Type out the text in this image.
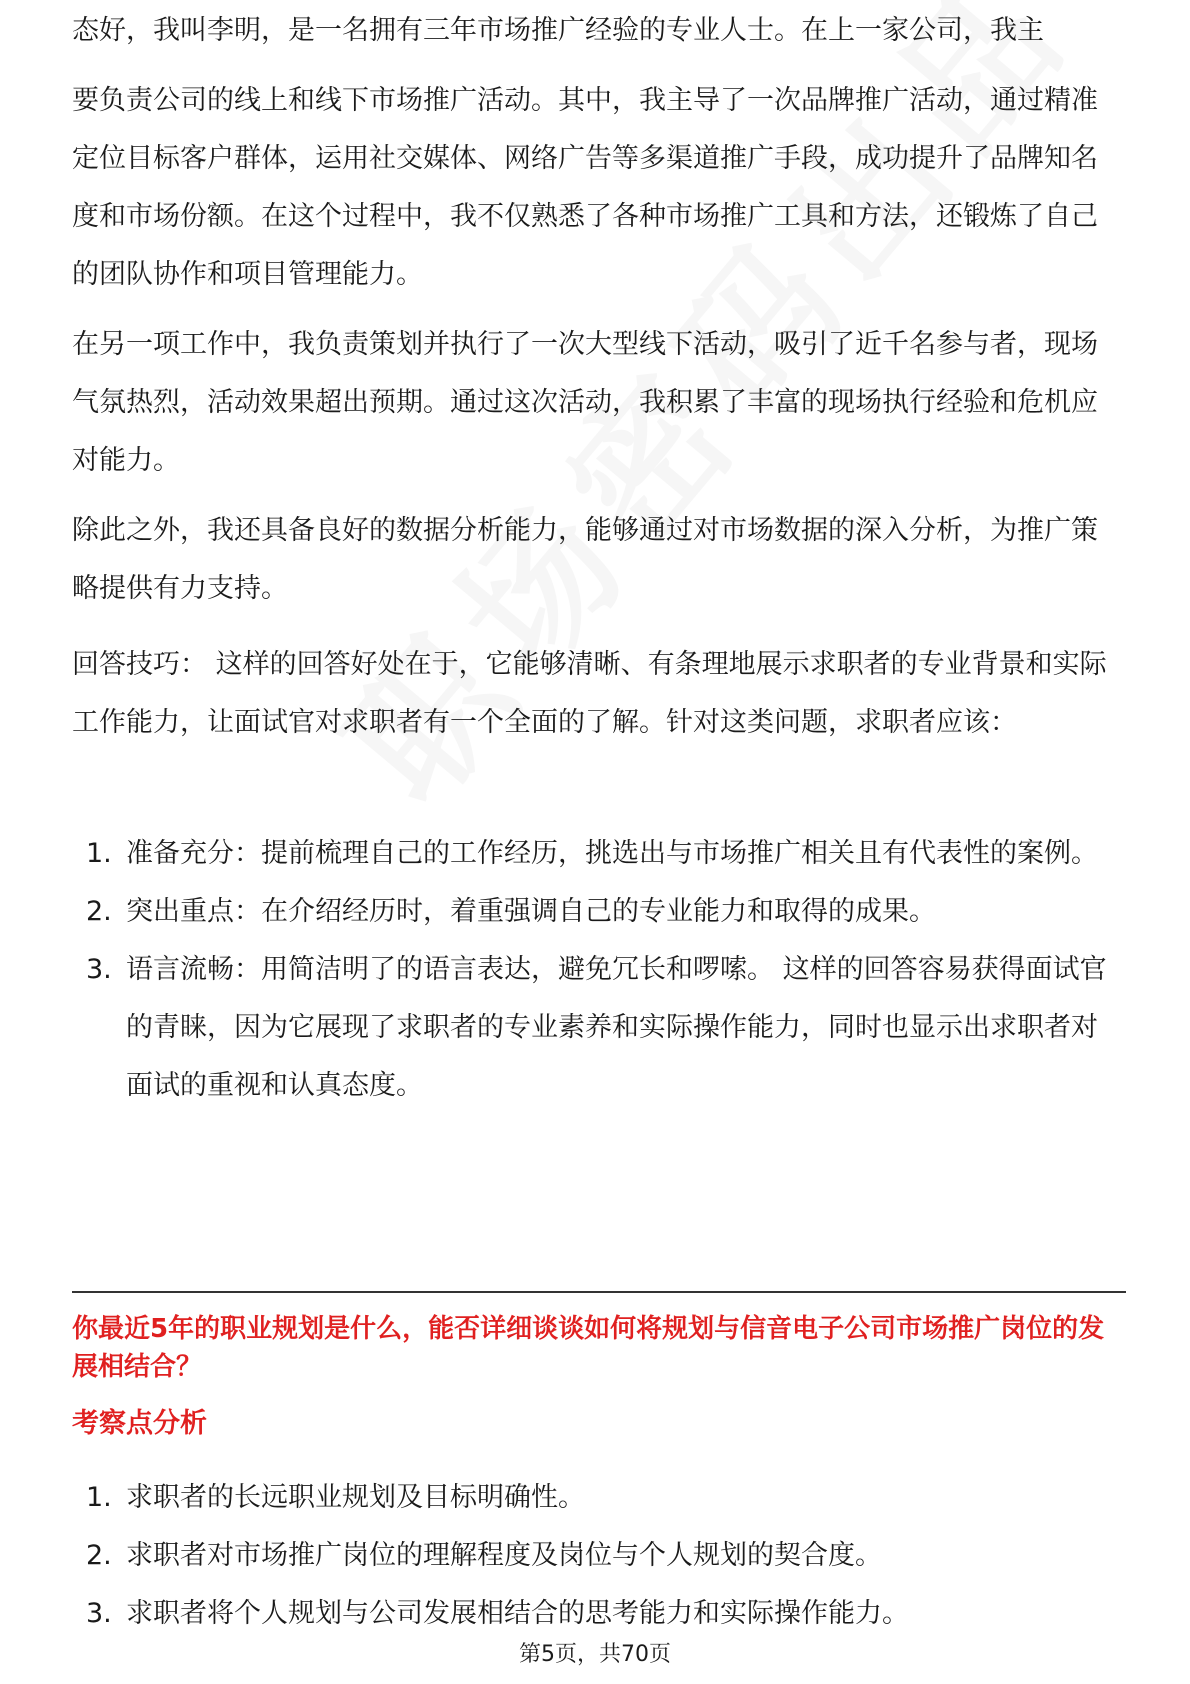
态好，我叫李明，是一名拥有三年市场推广经验的专业人士。在上一家公司，我主

要负责公司的线上和线下市场推广活动。其中，我主导了一次品牌推广活动，通过精准定位目标客户群体，运用社交媒体、网络广告等多渠道推广手段，成功提升了品牌知名度和市场份额。在这个过程中，我不仅熟悉了各种市场推广工具和方法，还锻炼了自己的团队协作和项目管理能力。

在另一项工作中，我负责策划并执行了一次大型线下活动，吸引了近千名参与者，现场气氛热烈，活动效果超出预期。通过这次活动，我积累了丰富的现场执行经验和危机应对能力。

除此之外，我还具备良好的数据分析能力，能够通过对市场数据的深入分析，为推广策略提供有力支持。

回答技巧： 这样的回答好处在于，它能够清晰、有条理地展示求职者的专业背景和实际工作能力，让面试官对求职者有一个全面的了解。针对这类问题，求职者应该：

1. 准备充分：提前梳理自己的工作经历，挑选出与市场推广相关且有代表性的案例。
2. 突出重点：在介绍经历时，着重强调自己的专业能力和取得的成果。
3. 语言流畅：用简洁明了的语言表达，避免冗长和啰嗦。 这样的回答容易获得面试官的青睐，因为它展现了求职者的专业素养和实际操作能力，同时也显示出求职者对面试的重视和认真态度。

你最近5年的职业规划是什么，能否详细谈谈如何将规划与信音电子公司市场推广岗位的发展相结合？

考察点分析

1. 求职者的长远职业规划及目标明确性。
2. 求职者对市场推广岗位的理解程度及岗位与个人规划的契合度。
3. 求职者将个人规划与公司发展相结合的思考能力和实际操作能力。
第5页，共70页
